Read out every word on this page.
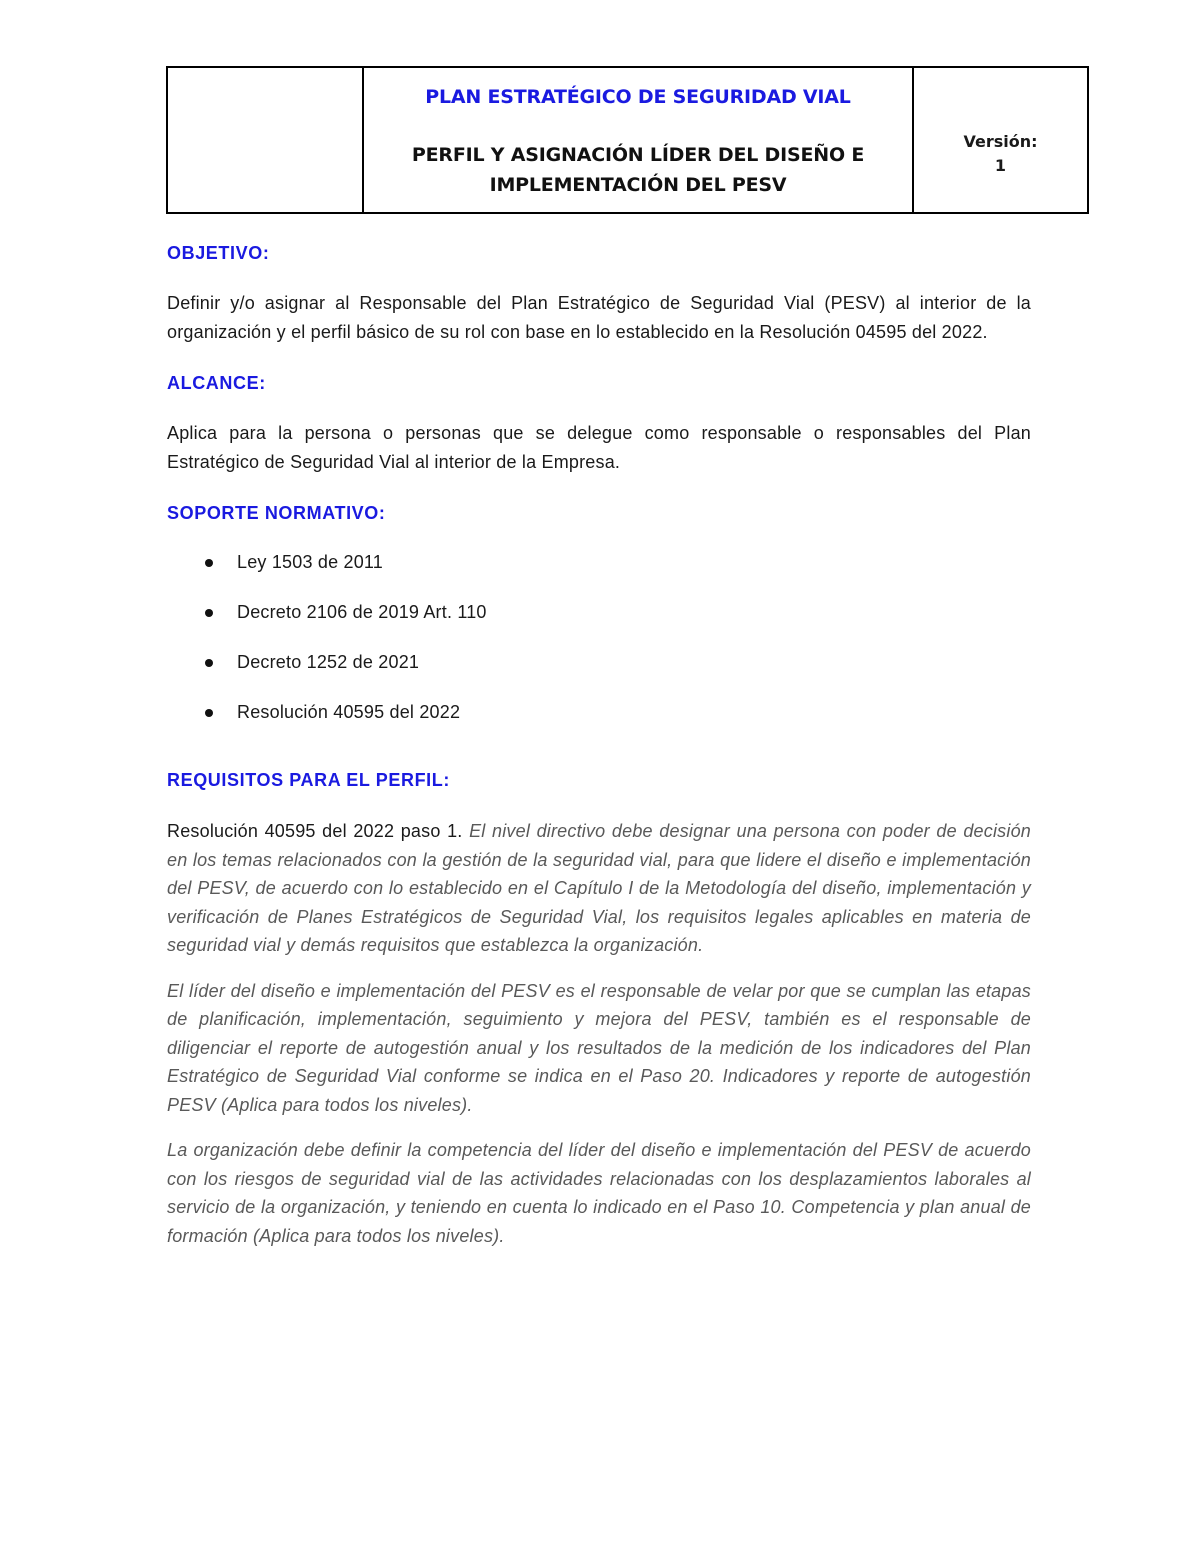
PLAN ESTRATÉGICO DE SEGURIDAD VIAL
PERFIL Y ASIGNACIÓN LÍDER DEL DISEÑO E
IMPLEMENTACIÓN DEL PESV
Versión:
1

OBJETIVO:

Definir y/o asignar al Responsable del Plan Estratégico de Seguridad Vial (PESV) al interior de la organización y el perfil básico de su rol con base en lo establecido en la Resolución 04595 del 2022.

ALCANCE:

Aplica para la persona o personas que se delegue como responsable o responsables del Plan Estratégico de Seguridad Vial al interior de la Empresa.

SOPORTE NORMATIVO:

Ley 1503 de 2011
Decreto 2106 de 2019 Art. 110
Decreto 1252 de 2021
Resolución 40595 del 2022

REQUISITOS PARA EL PERFIL:

Resolución 40595 del 2022 paso 1. El nivel directivo debe designar una persona con poder de decisión en los temas relacionados con la gestión de la seguridad vial, para que lidere el diseño e implementación del PESV, de acuerdo con lo establecido en el Capítulo I de la Metodología del diseño, implementación y verificación de Planes Estratégicos de Seguridad Vial, los requisitos legales aplicables en materia de seguridad vial y demás requisitos que establezca la organización.

El líder del diseño e implementación del PESV es el responsable de velar por que se cumplan las etapas de planificación, implementación, seguimiento y mejora del PESV, también es el responsable de diligenciar el reporte de autogestión anual y los resultados de la medición de los indicadores del Plan Estratégico de Seguridad Vial conforme se indica en el Paso 20. Indicadores y reporte de autogestión PESV (Aplica para todos los niveles).

La organización debe definir la competencia del líder del diseño e implementación del PESV de acuerdo con los riesgos de seguridad vial de las actividades relacionadas con los desplazamientos laborales al servicio de la organización, y teniendo en cuenta lo indicado en el Paso 10. Competencia y plan anual de formación (Aplica para todos los niveles).
